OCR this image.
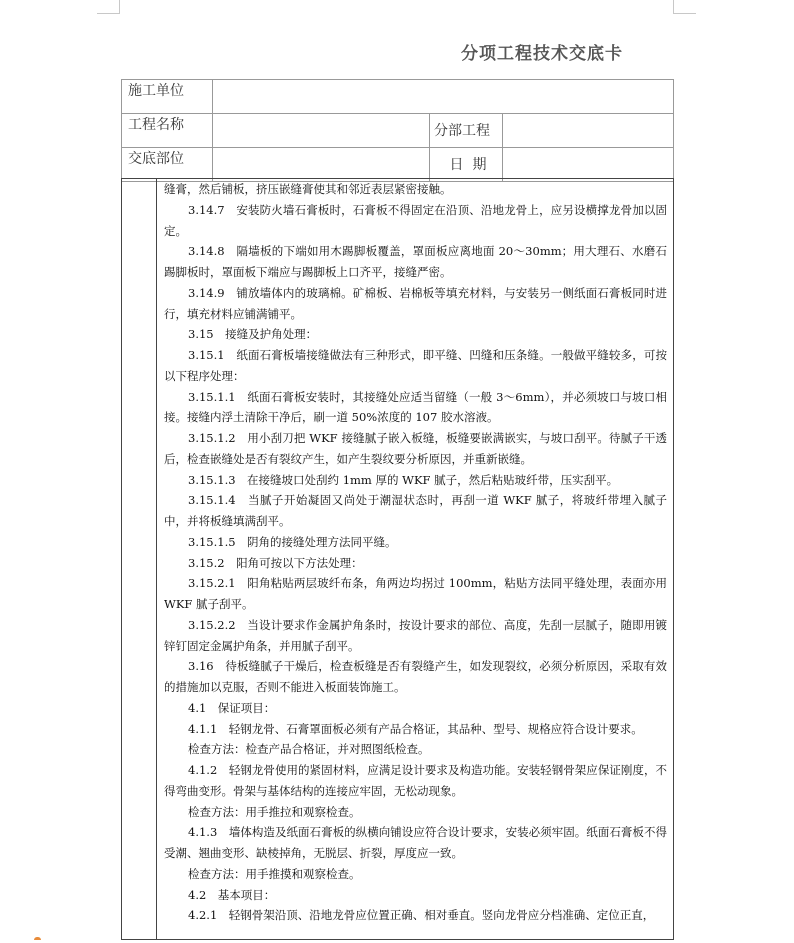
分项工程技术交底卡
施工单位			
工程名称		分部工程	
交底部位		日  期	

缝膏，然后铺板，挤压嵌缝膏使其和邻近表层紧密接触。

3.14.7　安装防火墙石膏板时，石膏板不得固定在沿顶、沿地龙骨上，应另设横撑龙骨加以固定。

3.14.8　隔墙板的下端如用木踢脚板覆盖，罩面板应离地面 20～30mm；用大理石、水磨石踢脚板时，罩面板下端应与踢脚板上口齐平，接缝严密。

3.14.9　铺放墙体内的玻璃棉。矿棉板、岩棉板等填充材料，与安装另一侧纸面石膏板同时进行，填充材料应铺满铺平。

3.15　接缝及护角处理：

3.15.1　纸面石膏板墙接缝做法有三种形式，即平缝、凹缝和压条缝。一般做平缝较多，可按以下程序处理：

3.15.1.1　纸面石膏板安装时，其接缝处应适当留缝（一般 3～6mm），并必须坡口与坡口相接。接缝内浮土清除干净后，刷一道 50%浓度的 107 胶水溶液。

3.15.1.2　用小刮刀把 WKF 接缝腻子嵌入板缝，板缝要嵌满嵌实，与坡口刮平。待腻子干透后，检查嵌缝处是否有裂纹产生，如产生裂纹要分析原因，并重新嵌缝。

3.15.1.3　在接缝坡口处刮约 1mm 厚的 WKF 腻子，然后粘贴玻纤带，压实刮平。

3.15.1.4　当腻子开始凝固又尚处于潮湿状态时，再刮一道 WKF 腻子，将玻纤带埋入腻子中，并将板缝填满刮平。

3.15.1.5　阴角的接缝处理方法同平缝。

3.15.2　阳角可按以下方法处理：

3.15.2.1　阳角粘贴两层玻纤布条，角两边均拐过 100mm，粘贴方法同平缝处理，表面亦用 WKF 腻子刮平。

3.15.2.2　当设计要求作金属护角条时，按设计要求的部位、高度，先刮一层腻子，随即用镀锌钉固定金属护角条，并用腻子刮平。

3.16　待板缝腻子干燥后，检查板缝是否有裂缝产生，如发现裂纹，必须分析原因，采取有效的措施加以克服，否则不能进入板面装饰施工。

4.1　保证项目：

4.1.1　轻钢龙骨、石膏罩面板必须有产品合格证，其品种、型号、规格应符合设计要求。

检查方法：检查产品合格证，并对照图纸检查。

4.1.2　轻钢龙骨使用的紧固材料，应满足设计要求及构造功能。安装轻钢骨架应保证刚度，不得弯曲变形。骨架与基体结构的连接应牢固，无松动现象。

检查方法：用手推拉和观察检查。

4.1.3　墙体构造及纸面石膏板的纵横向铺设应符合设计要求，安装必须牢固。纸面石膏板不得受潮、翘曲变形、缺棱掉角，无脱层、折裂，厚度应一致。

检查方法：用手推摸和观察检查。

4.2　基本项目：

4.2.1　轻钢骨架沿顶、沿地龙骨应位置正确、相对垂直。竖向龙骨应分档准确、定位正直，
